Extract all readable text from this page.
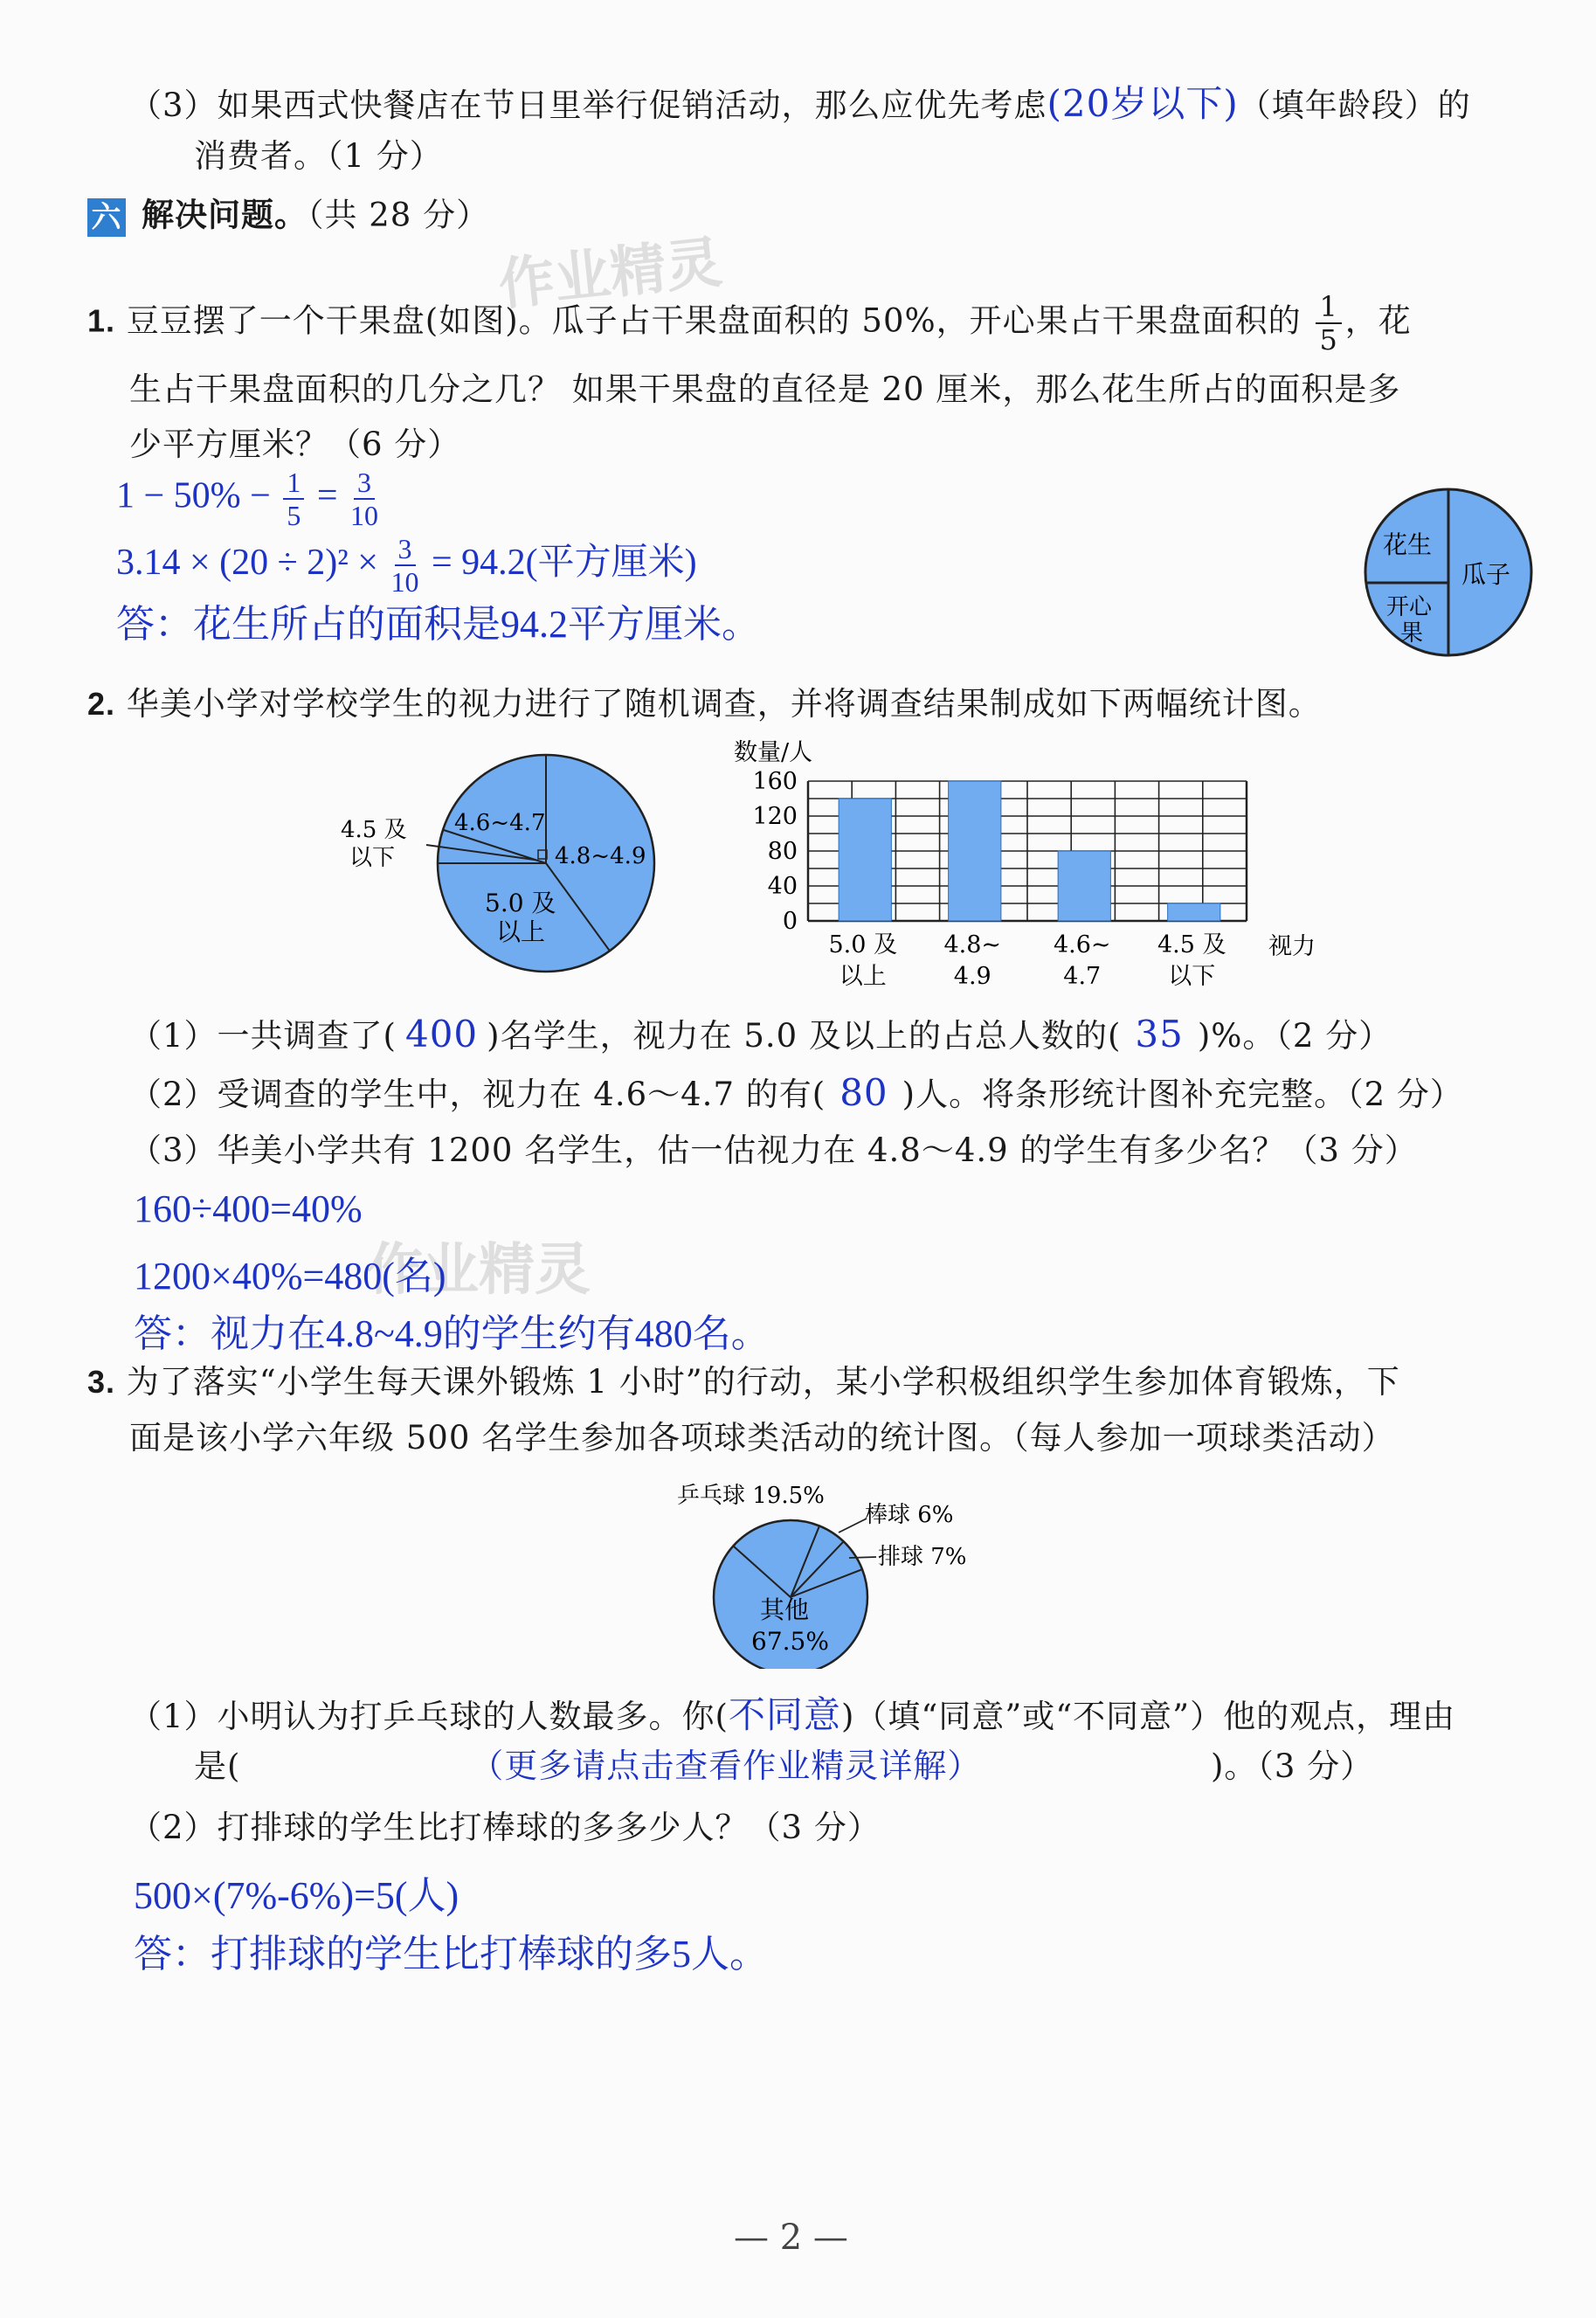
（3）如果西式快餐店在节日里举行促销活动，那么应优先考虑(20岁以下)（填年龄段）的
消费者。（1 分）
六 解决问题。（共 28 分）
作业精灵
作业精灵
1. 豆豆摆了一个干果盘(如图)。瓜子占干果盘面积的 50%，开心果占干果盘面积的 $\frac{1}{5}$ ，花
生占干果盘面积的几分之几？ 如果干果盘的直径是 20 厘米，那么花生所占的面积是多
少平方厘米？（6 分）
$1 - 50\% - \frac{1}{5} = \frac{3}{10}$
$3.14 \times (20 \div 2)^2 \times \frac{3}{10} = 94.2$(平方厘米)
答：花生所占的面积是94.2平方厘米。
花生
瓜子
开心
果
2. 华美小学对学校学生的视力进行了随机调查，并将调查结果制成如下两幅统计图。
4.5 及
以下
4.6~4.7
4.8~4.9
5.0 及
以上
数量/人
0
40
80
120
160
5.0 及
以上
4.8~
4.9
4.6~
4.7
4.5 及
以下
视力
（1）一共调查了( 400 )名学生，视力在 5.0 及以上的占总人数的( 35 )%。（2 分）
（2）受调查的学生中，视力在 4.6～4.7 的有( 80 )人。将条形统计图补充完整。（2 分）
（3）华美小学共有 1200 名学生，估一估视力在 4.8～4.9 的学生有多少名？（3 分）
160÷400=40%
1200×40%=480(名)
答：视力在4.8~4.9的学生约有480名。
3. 为了落实“小学生每天课外锻炼 1 小时”的行动，某小学积极组织学生参加体育锻炼，下
面是该小学六年级 500 名学生参加各项球类活动的统计图。（每人参加一项球类活动）
乒乓球 19.5%
棒球 6%
排球 7%
其他
67.5%
（1）小明认为打乒乓球的人数最多。你(不同意)（填“同意”或“不同意”）他的观点，理由
是(	（更多请点击查看作业精灵详解）	)。（3 分）
（2）打排球的学生比打棒球的多多少人？（3 分）
500×(7%-6%)=5(人)
答：打排球的学生比打棒球的多5人。
— 2 —
